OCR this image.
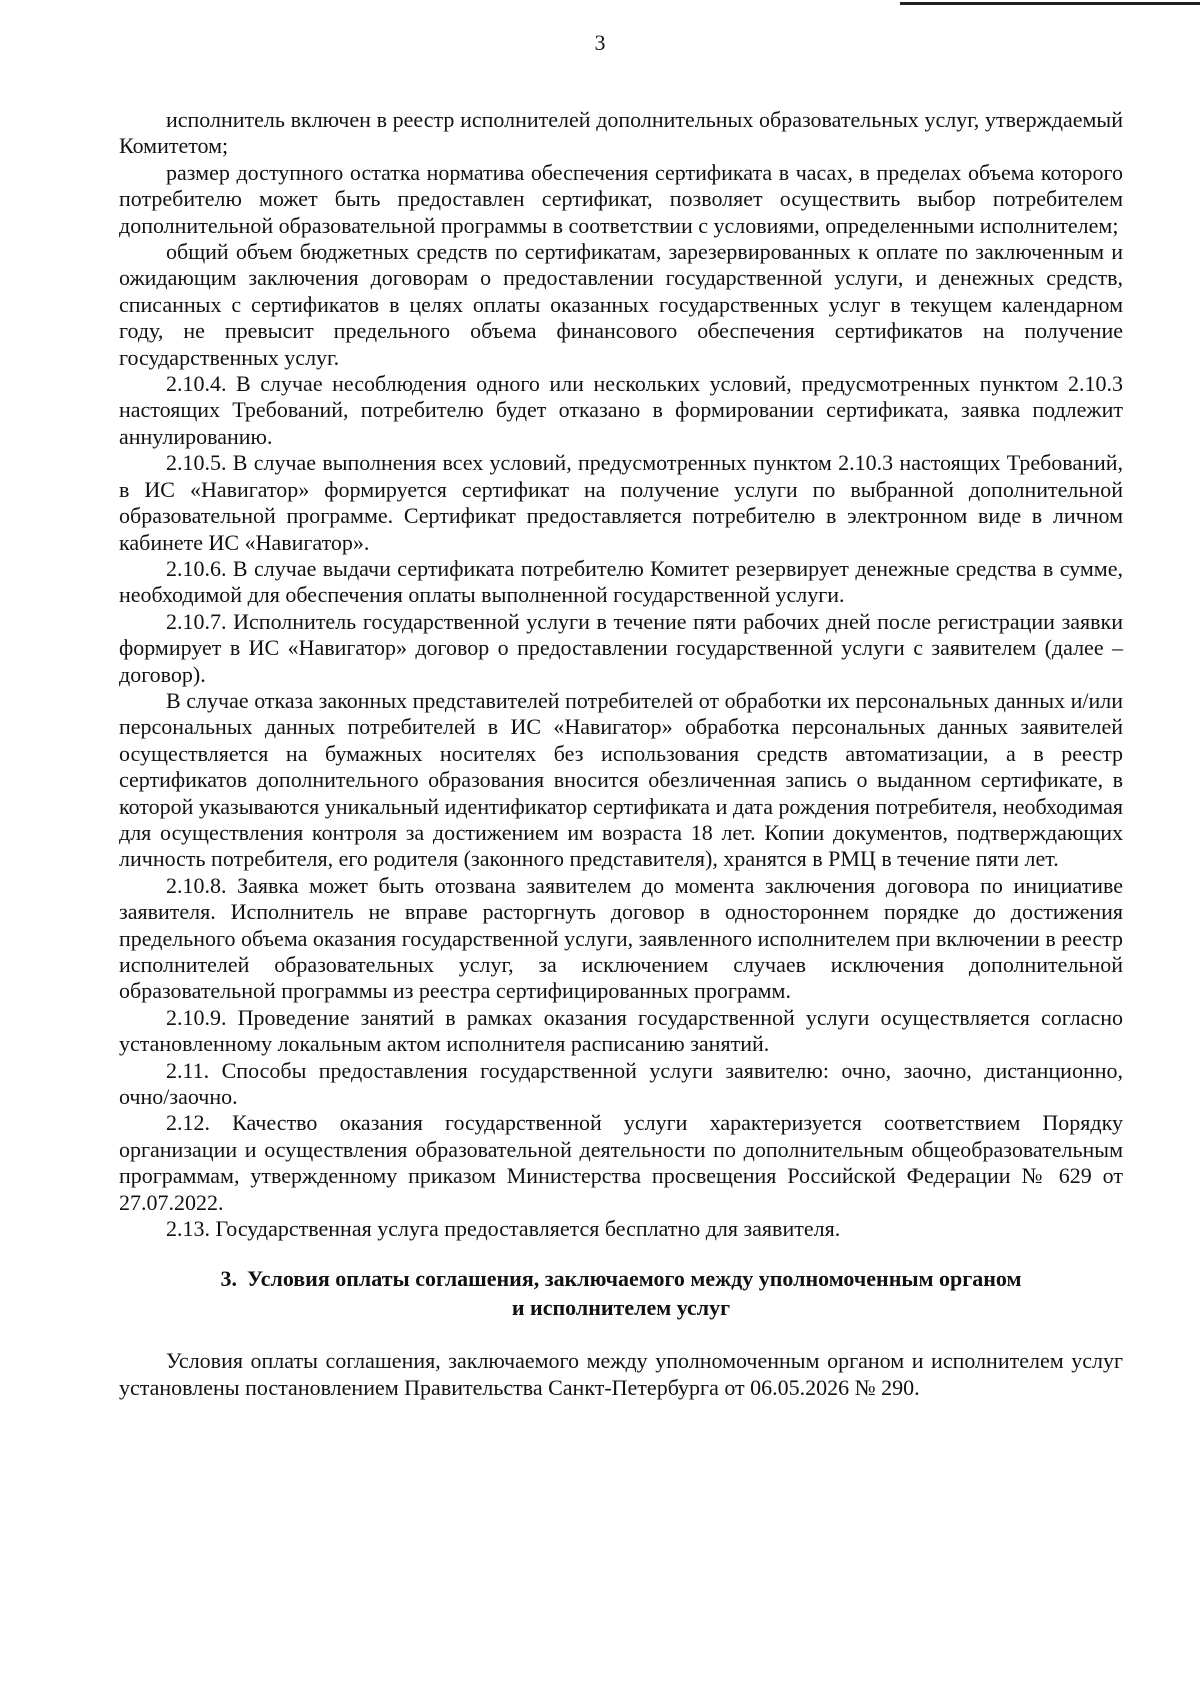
3

исполнитель включен в реестр исполнителей дополнительных образовательных услуг, утверждаемый Комитетом;

размер доступного остатка норматива обеспечения сертификата в часах, в пределах объема которого потребителю может быть предоставлен сертификат, позволяет осуществить выбор потребителем дополнительной образовательной программы в соответствии с условиями, определенными исполнителем;

общий объем бюджетных средств по сертификатам, зарезервированных к оплате по заключенным и ожидающим заключения договорам о предоставлении государственной услуги, и денежных средств, списанных с сертификатов в целях оплаты оказанных государственных услуг в текущем календарном году, не превысит предельного объема финансового обеспечения сертификатов на получение государственных услуг.

2.10.4. В случае несоблюдения одного или нескольких условий, предусмотренных пунктом 2.10.3 настоящих Требований, потребителю будет отказано в формировании сертификата, заявка подлежит аннулированию.

2.10.5. В случае выполнения всех условий, предусмотренных пунктом 2.10.3 настоящих Требований, в ИС «Навигатор» формируется сертификат на получение услуги по выбранной дополнительной образовательной программе. Сертификат предоставляется потребителю в электронном виде в личном кабинете ИС «Навигатор».

2.10.6. В случае выдачи сертификата потребителю Комитет резервирует денежные средства в сумме, необходимой для обеспечения оплаты выполненной государственной услуги.

2.10.7. Исполнитель государственной услуги в течение пяти рабочих дней после регистрации заявки формирует в ИС «Навигатор» договор о предоставлении государственной услуги с заявителем (далее – договор).

В случае отказа законных представителей потребителей от обработки их персональных данных и/или персональных данных потребителей в ИС «Навигатор» обработка персональных данных заявителей осуществляется на бумажных носителях без использования средств автоматизации, а в реестр сертификатов дополнительного образования вносится обезличенная запись о выданном сертификате, в которой указываются уникальный идентификатор сертификата и дата рождения потребителя, необходимая для осуществления контроля за достижением им возраста 18 лет. Копии документов, подтверждающих личность потребителя, его родителя (законного представителя), хранятся в РМЦ в течение пяти лет.

2.10.8. Заявка может быть отозвана заявителем до момента заключения договора по инициативе заявителя. Исполнитель не вправе расторгнуть договор в одностороннем порядке до достижения предельного объема оказания государственной услуги, заявленного исполнителем при включении в реестр исполнителей образовательных услуг, за исключением случаев исключения дополнительной образовательной программы из реестра сертифицированных программ.

2.10.9. Проведение занятий в рамках оказания государственной услуги осуществляется согласно установленному локальным актом исполнителя расписанию занятий.

2.11. Способы предоставления государственной услуги заявителю: очно, заочно, дистанционно, очно/заочно.

2.12. Качество оказания государственной услуги характеризуется соответствием Порядку организации и осуществления образовательной деятельности по дополнительным общеобразовательным программам, утвержденному приказом Министерства просвещения Российской Федерации № 629 от 27.07.2022.

2.13. Государственная услуга предоставляется бесплатно для заявителя.

3. Условия оплаты соглашения, заключаемого между уполномоченным органом
и исполнителем услуг

Условия оплаты соглашения, заключаемого между уполномоченным органом и исполнителем услуг установлены постановлением Правительства Санкт-Петербурга от 06.05.2026 № 290.
